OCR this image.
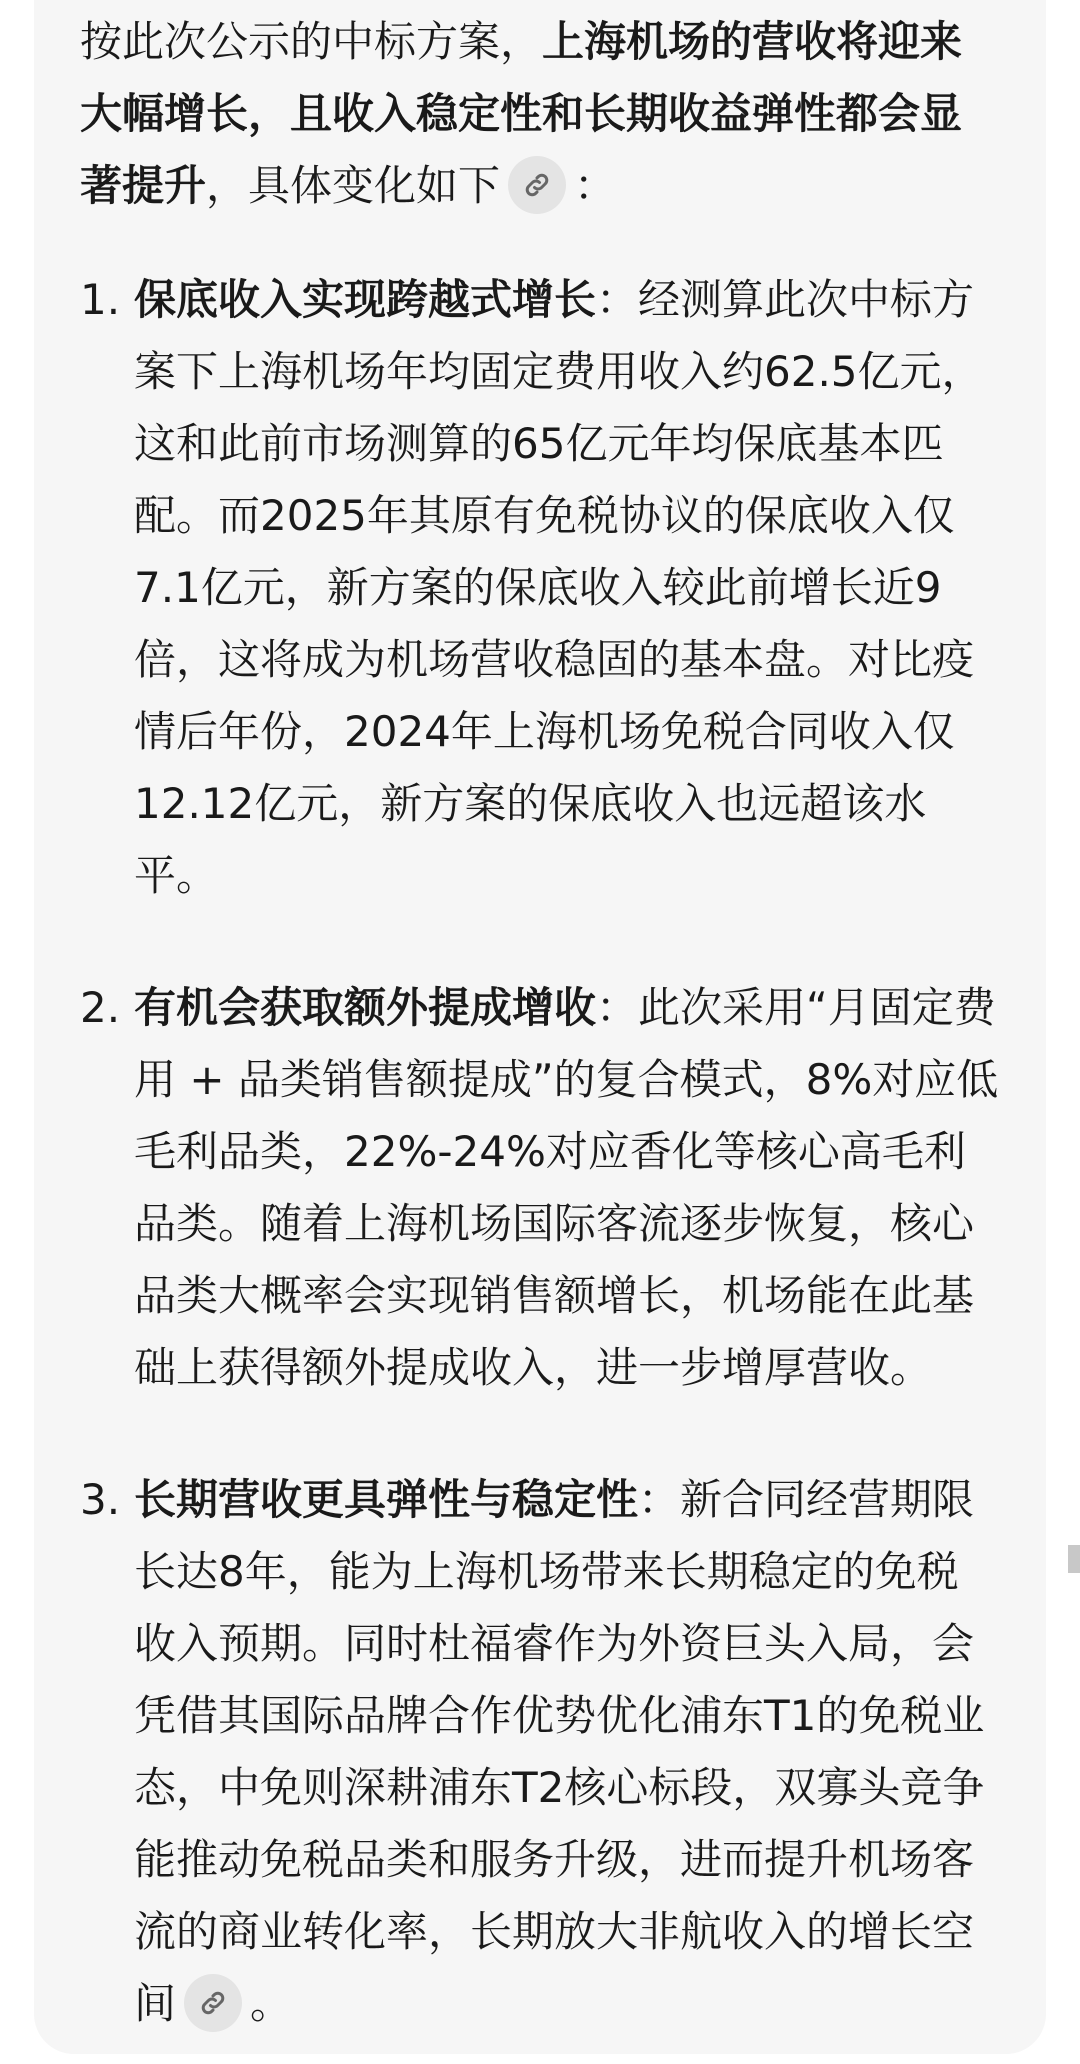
按此次公示的中标方案，上海机场的营收将迎来大幅增长，且收入稳定性和长期收益弹性都会显著提升，具体变化如下 ：

1. 保底收入实现跨越式增长：经测算此次中标方案下上海机场年均固定费用收入约62.5亿元，这和此前市场测算的65亿元年均保底基本匹配。而2025年其原有免税协议的保底收入仅7.1亿元，新方案的保底收入较此前增长近9倍，这将成为机场营收稳固的基本盘。对比疫情后年份，2024年上海机场免税合同收入仅12.12亿元，新方案的保底收入也远超该水平。
2. 有机会获取额外提成增收：此次采用“月固定费用 + 品类销售额提成”的复合模式，8%对应低毛利品类，22%-24%对应香化等核心高毛利品类。随着上海机场国际客流逐步恢复，核心品类大概率会实现销售额增长，机场能在此基础上获得额外提成收入，进一步增厚营收。
3. 长期营收更具弹性与稳定性：新合同经营期限长达8年，能为上海机场带来长期稳定的免税收入预期。同时杜福睿作为外资巨头入局，会凭借其国际品牌合作优势优化浦东T1的免税业态，中免则深耕浦东T2核心标段，双寡头竞争能推动免税品类和服务升级，进而提升机场客流的商业转化率，长期放大非航收入的增长空间 。
